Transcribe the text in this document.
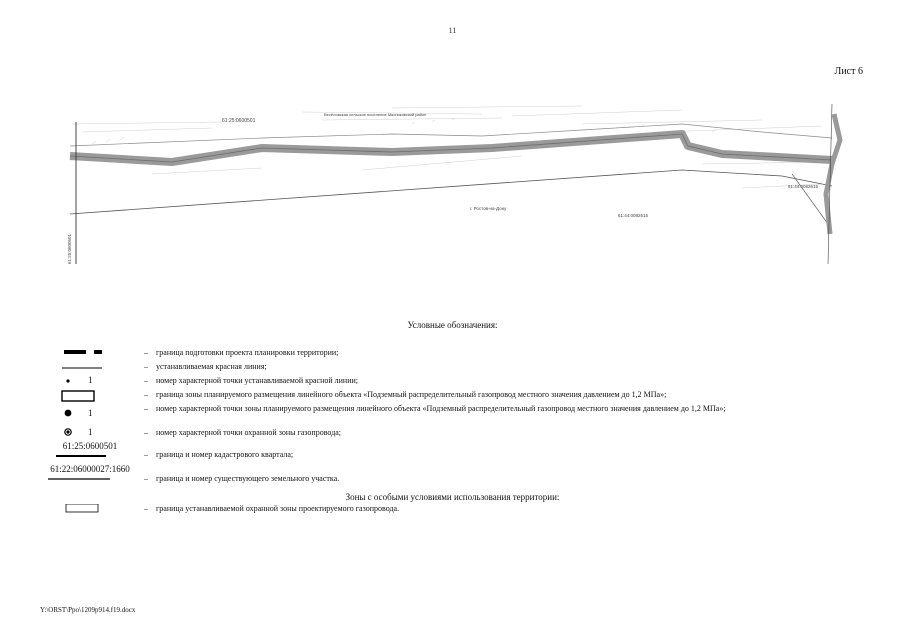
11
Лист 6
61:25:0600501
Весёловская сельское поселение Мясниковский район
г. Ростов-на-Дону
61:44:0082615
61:44:0082615
61:25:0600501
Условные обозначения:
– граница подготовки проекта планировки территории;
– устанавливаемая красная линия;
1	– номер характерной точки устанавливаемой красной линии;
– граница зоны планируемого размещения линейного объекта «Подземный распределительный газопровод местного значения давлением до 1,2 МПа»;
1	– номер характерной точки зоны планируемого размещения линейного объекта «Подземный распределительный газопровод местного значения давлением до 1,2 МПа»;
1	– номер характерной точки охранной зоны газопровода;
61:25:0600501
– граница и номер кадастрового квартала;
61:22:06000027:1660
– граница и номер существующего земельного участка.
Зоны с особыми условиями использования территории:
– граница устанавливаемой охранной зоны проектируемого газопровода.
Y:\ORST\Ppo\1209p914.f19.docx
